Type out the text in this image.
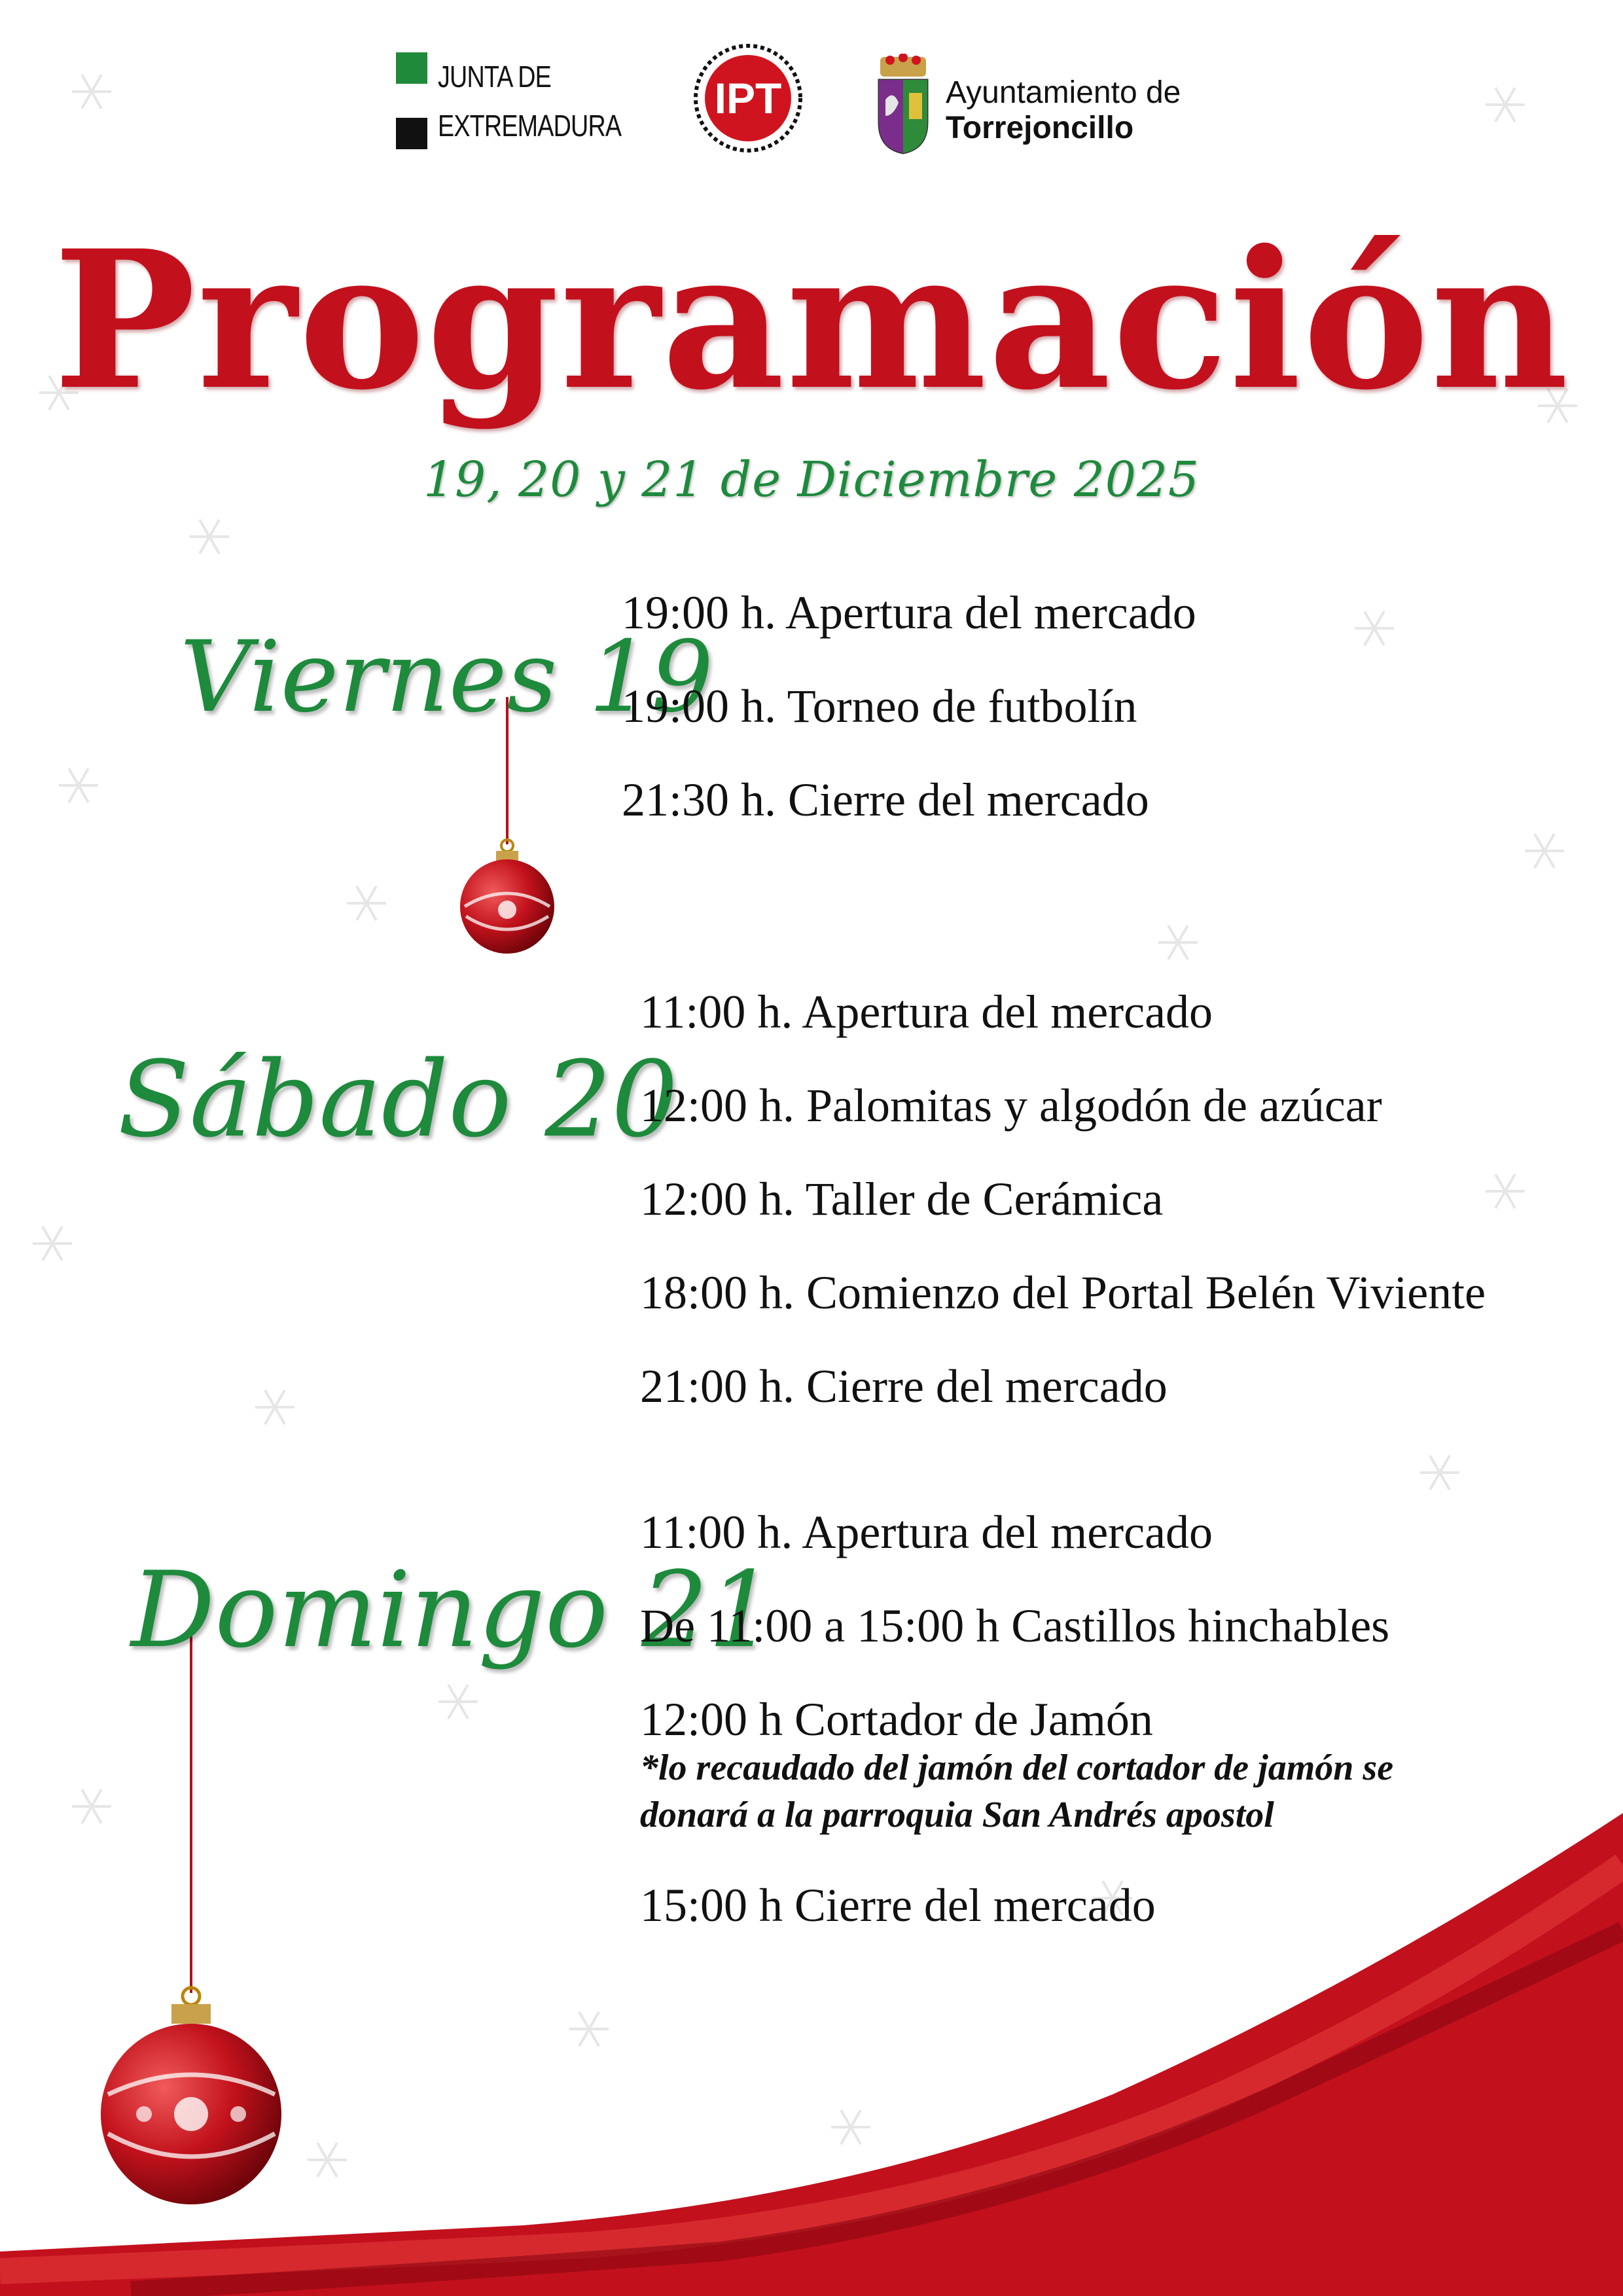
JUNTA DE
EXTREMADURA
IPT	Ayuntamiento de
Torrejoncillo
Programación
19, 20 y 21 de Diciembre 2025
Viernes 19
19:00 h. Apertura del mercado
19:00 h. Torneo de futbolín
21:30 h. Cierre del mercado
Sábado 20
11:00 h. Apertura del mercado
12:00 h. Palomitas y algodón de azúcar
12:00 h. Taller de Cerámica
18:00 h. Comienzo del Portal Belén Viviente
21:00 h. Cierre del mercado
Domingo 21
11:00 h. Apertura del mercado
De 11:00 a 15:00 h Castillos hinchables
12:00 h Cortador de Jamón
*lo recaudado del jamón del cortador de jamón se
donará a la parroquia San Andrés apostol
15:00 h Cierre del mercado
